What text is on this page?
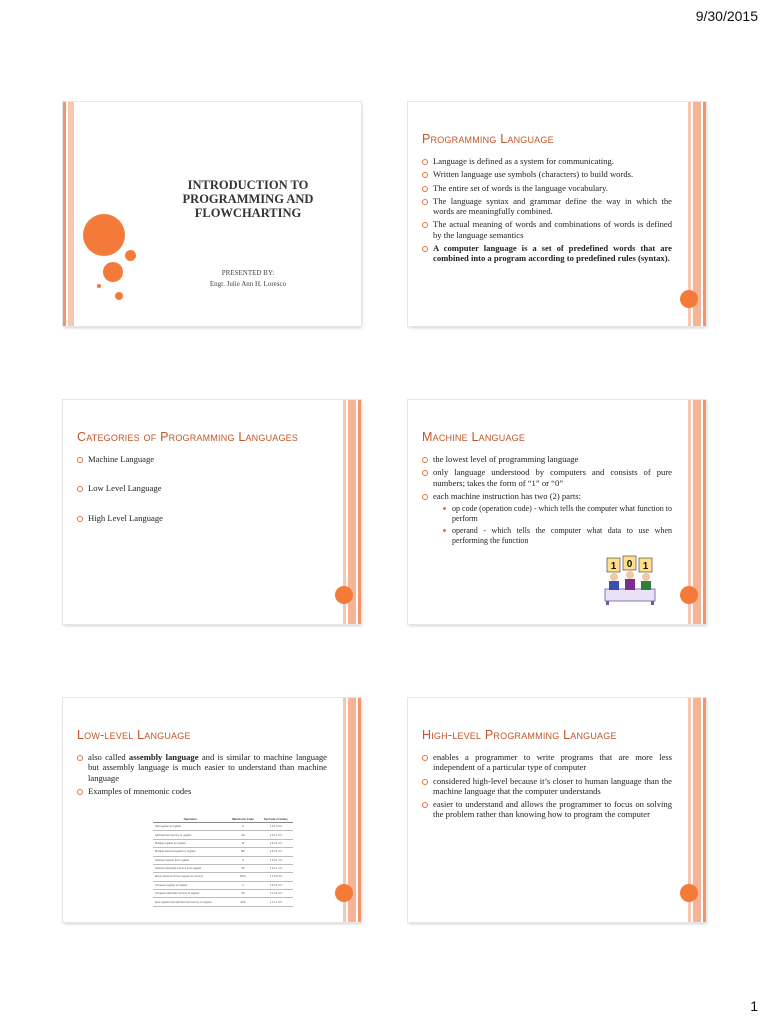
9/30/2015
1
INTRODUCTION TO PROGRAMMING AND FLOWCHARTING
PRESENTED BY:
Engr. Julie Ann H. Loresco
Programming Language
Language is defined as a system for communicating.
Written language use symbols (characters) to build words.
The entire set of words is the language vocabulary.
The language syntax and grammar define the way in which the words are meaningfully combined.
The actual meaning of words and combinations of words is defined by the language semantics
A computer language is a set of predefined words that are combined into a program according to predefined rules (syntax).
Categories of Programming Languages
Machine Language
Low Level Language
High Level Language
Machine Language
the lowest level of programming language
only language understood by computers and consists of pure numbers; takes the form of “1” or “0”
each machine instruction has two (2) parts:
op code (operation code) - which tells the computer what function to perform
operand - which tells the computer what data to use when performing the function
1 0 1
Low-level Language
also called assembly language and is similar to machine language but assembly language is much easier to understand than machine language
Examples of mnemonic codes
Operation	Mnemonic Code	Op Code in binary
Add register to register	A	1 0 1 0 0 0
Add decimal memory to register	AD	1 0 1 1 0 0
Multiply register by register	M	1 0 0 1 0 0
Multiply decimal register by register	MP	1 0 0 1 0 0
Subtract register from register	S	1 0 0 1 1 0
Subtract (decimal) memory from register	SP	1 0 1 1 1 0
Move contents of from register to memory	MVC	1 1 0 0 0 0
Compare register to register	C	1 0 0 1 0 0
Compare (decimal) memory to register	CP	1 1 0 1 0 0
Zero register and add decimal memory to register	ZAP	1 1 1 1 0 0
High-level Programming Language
enables a programmer to write programs that are more less independent of a particular type of computer
considered high-level because it’s closer to human language than the machine language that the computer understands
easier to understand and allows the programmer to focus on solving the problem rather than knowing how to program the computer
